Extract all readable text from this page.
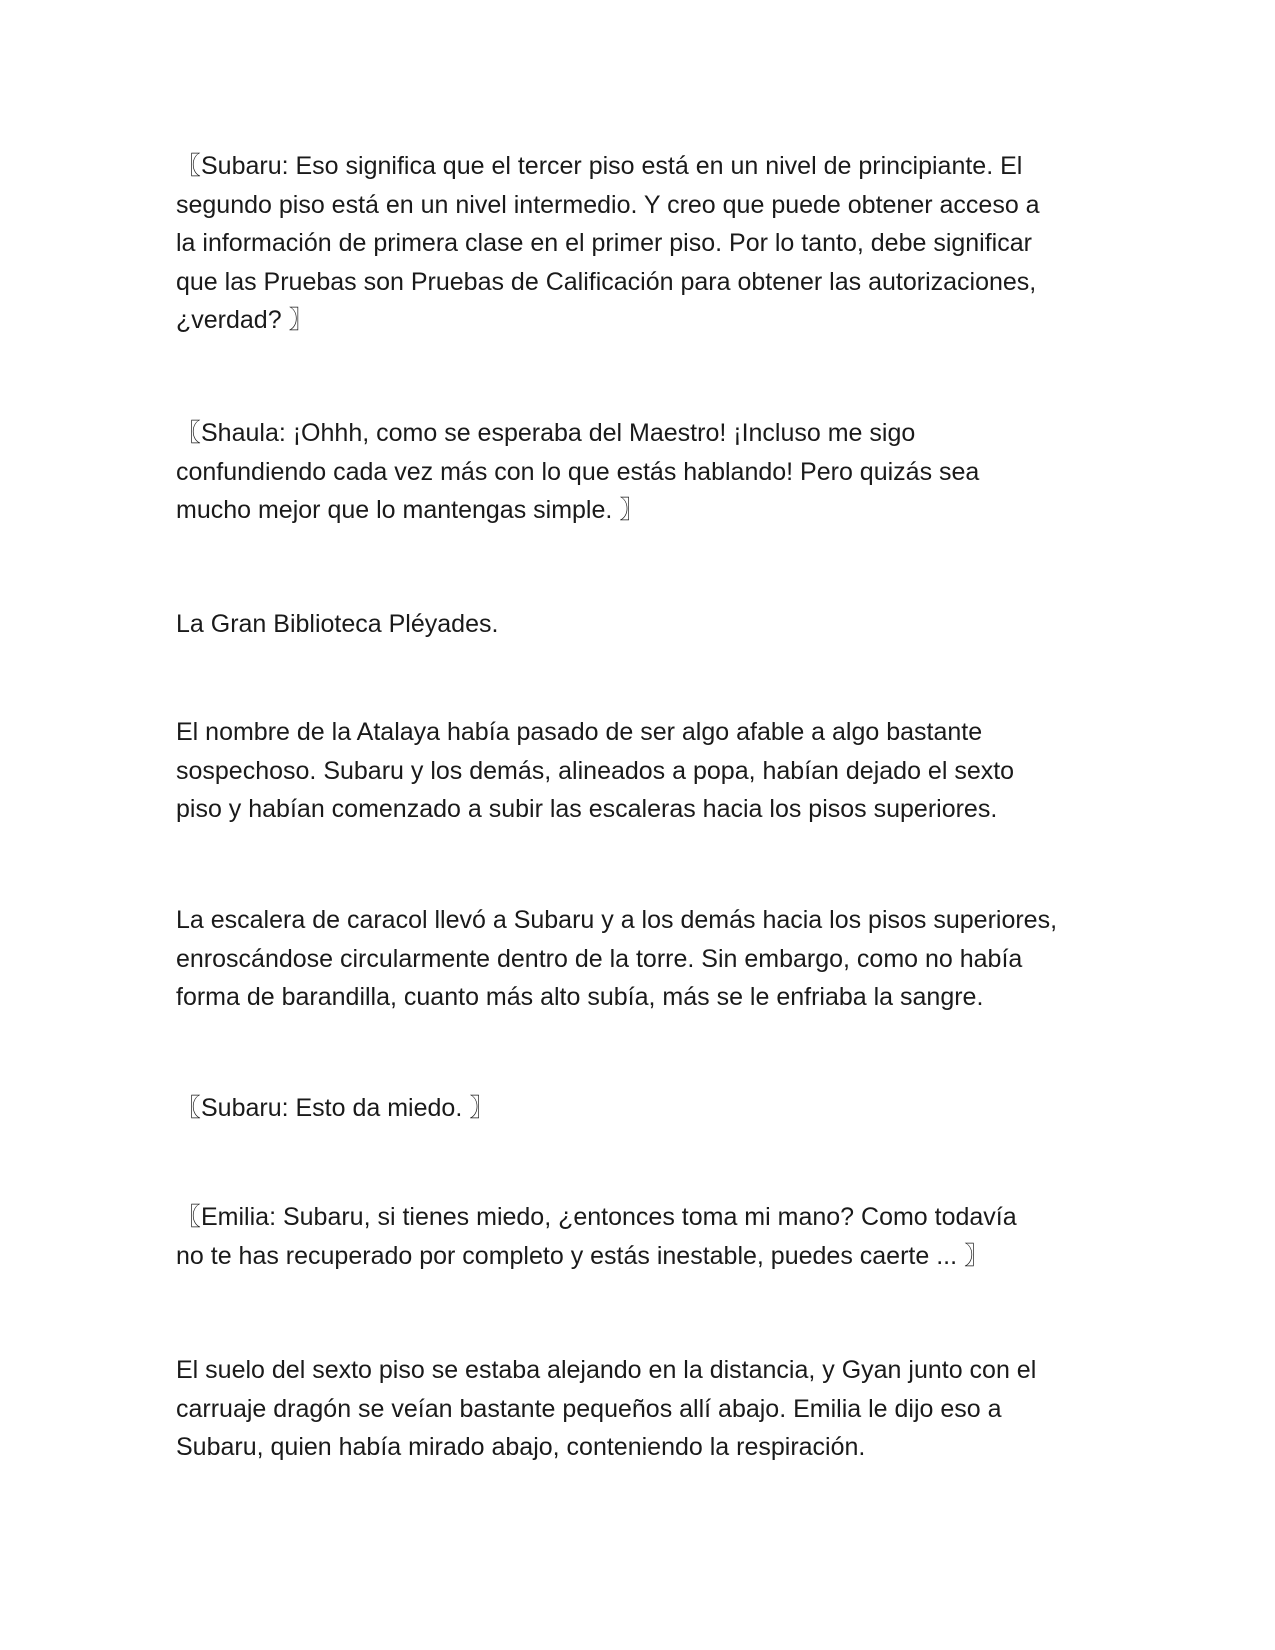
〖Subaru: Eso significa que el tercer piso está en un nivel de principiante. El
segundo piso está en un nivel intermedio. Y creo que puede obtener acceso a
la información de primera clase en el primer piso. Por lo tanto, debe significar
que las Pruebas son Pruebas de Calificación para obtener las autorizaciones,
¿verdad? 〗

〖Shaula: ¡Ohhh, como se esperaba del Maestro! ¡Incluso me sigo
confundiendo cada vez más con lo que estás hablando! Pero quizás sea
mucho mejor que lo mantengas simple. 〗

La Gran Biblioteca Pléyades.

El nombre de la Atalaya había pasado de ser algo afable a algo bastante
sospechoso. Subaru y los demás, alineados a popa, habían dejado el sexto
piso y habían comenzado a subir las escaleras hacia los pisos superiores.

La escalera de caracol llevó a Subaru y a los demás hacia los pisos superiores,
enroscándose circularmente dentro de la torre. Sin embargo, como no había
forma de barandilla, cuanto más alto subía, más se le enfriaba la sangre.

〖Subaru: Esto da miedo. 〗

〖Emilia: Subaru, si tienes miedo, ¿entonces toma mi mano? Como todavía
no te has recuperado por completo y estás inestable, puedes caerte ... 〗

El suelo del sexto piso se estaba alejando en la distancia, y Gyan junto con el
carruaje dragón se veían bastante pequeños allí abajo. Emilia le dijo eso a
Subaru, quien había mirado abajo, conteniendo la respiración.
